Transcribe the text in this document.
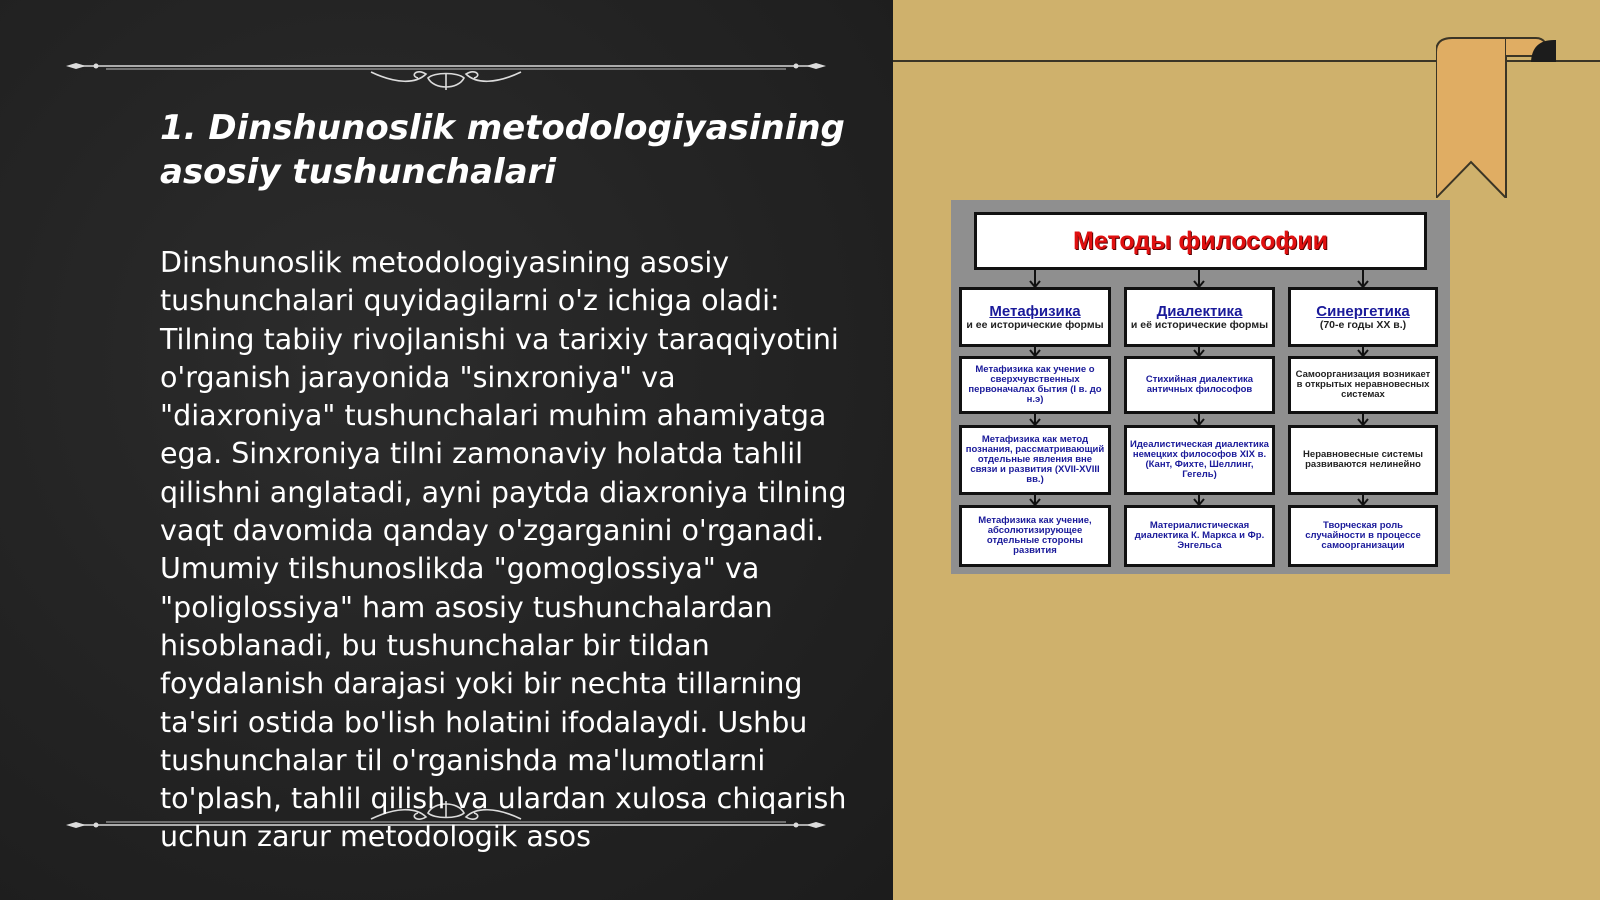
1. Dinshunoslik metodologiyasining asosiy tushunchalari

Dinshunoslik metodologiyasining asosiy tushunchalari quyidagilarni o'z ichiga oladi: Tilning tabiiy rivojlanishi va tarixiy taraqqiyotini o'rganish jarayonida "sinxroniya" va "diaxroniya" tushunchalari muhim ahamiyatga ega. Sinxroniya tilni zamonaviy holatda tahlil qilishni anglatadi, ayni paytda diaxroniya tilning vaqt davomida qanday o'zgarganini o'rganadi. Umumiy tilshunoslikda "gomoglossiya" va "poliglossiya" ham asosiy tushunchalardan hisoblanadi, bu tushunchalar bir tildan foydalanish darajasi yoki bir nechta tillarning ta'siri ostida bo'lish holatini ifodalaydi. Ushbu tushunchalar til o'rganishda ma'lumotlarni to'plash, tahlil qilish va ulardan xulosa chiqarish uchun zarur metodologik asos

Методы философии
Метафизика
и ее исторические формы
Диалектика
и её исторические формы
Синергетика
(70-е годы XX в.)
Метафизика как учение о сверхчувственных первоначалах бытия (I в. до н.э)
Стихийная диалектика античных философов
Самоорганизация возникает в открытых неравновесных системах
Метафизика как метод познания, рассматривающий отдельные явления вне связи и развития (XVII-XVIII вв.)
Идеалистическая диалектика немецких философов XIX в. (Кант, Фихте, Шеллинг, Гегель)
Неравновесные системы развиваются нелинейно
Метафизика как учение, абсолютизирующее отдельные стороны развития
Материалистическая диалектика К. Маркса и Фр. Энгельса
Творческая роль случайности в процессе самоорганизации
